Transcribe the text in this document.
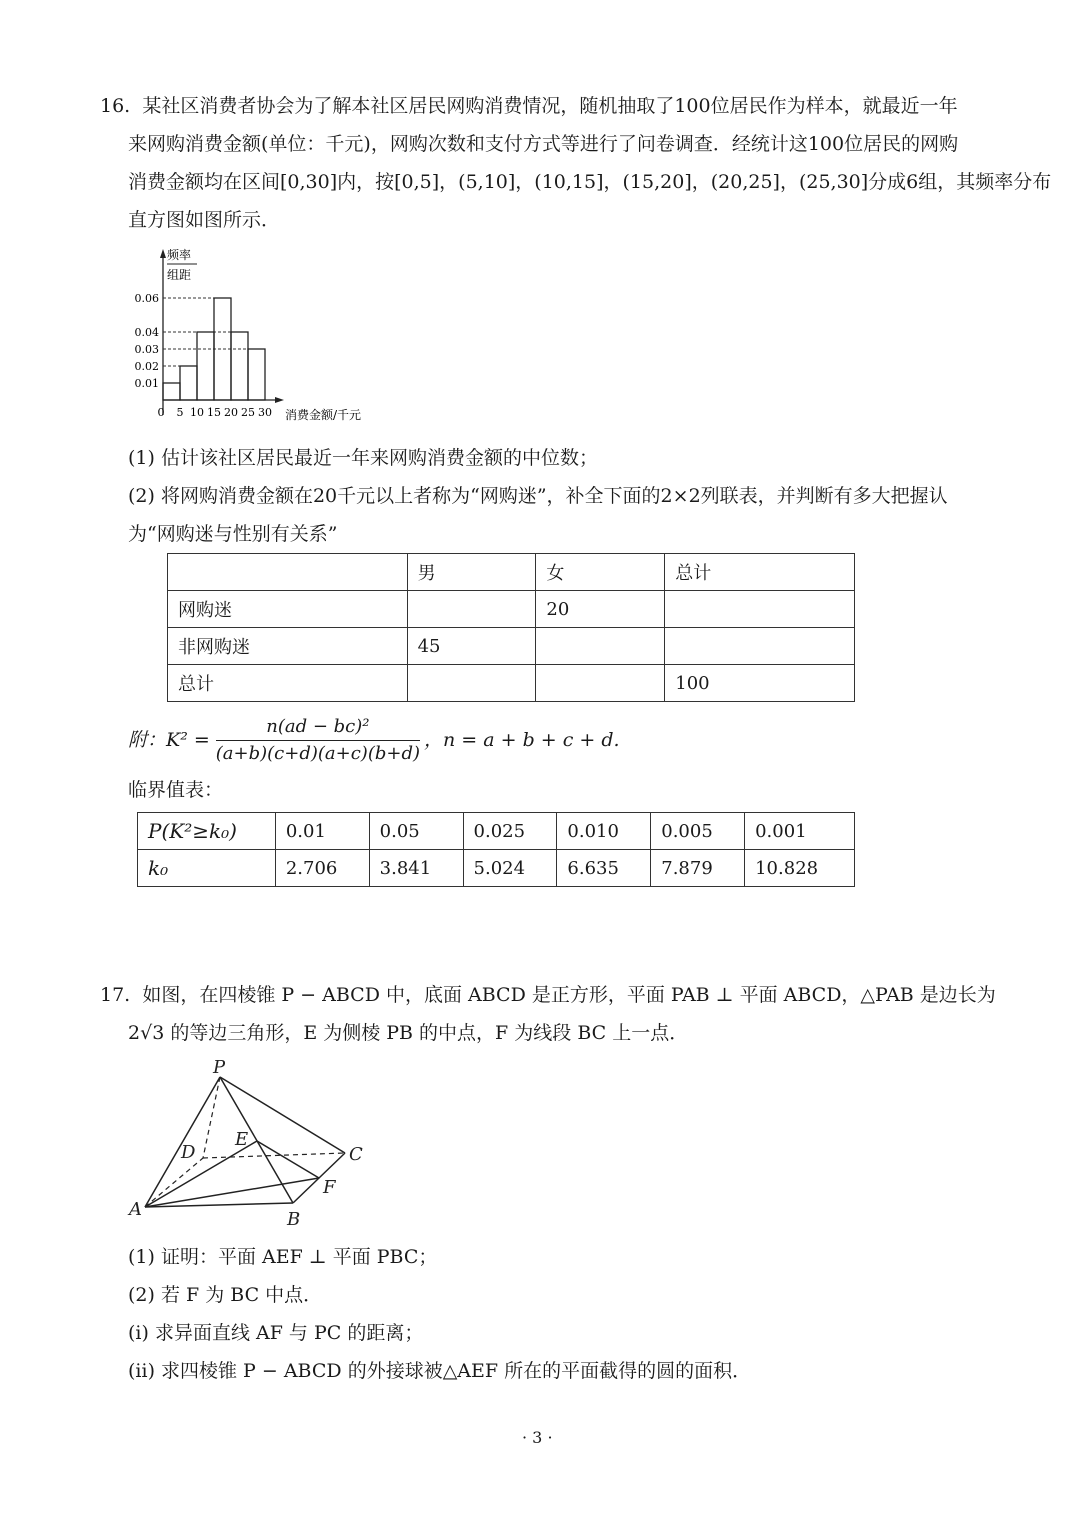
16. 某社区消费者协会为了解本社区居民网购消费情况，随机抽取了100位居民作为样本，就最近一年
来网购消费金额(单位：千元)，网购次数和支付方式等进行了问卷调查．经统计这100位居民的网购
消费金额均在区间[0,30]内，按[0,5]，(5,10]，(10,15]，(15,20]，(20,25]，(25,30]分成6组，其频率分布
直方图如图所示．
频率
组距
消费金额/千元
0.06
0.04
0.03
0.02
0.01
0 5 10 15 20 25 30
(1) 估计该社区居民最近一年来网购消费金额的中位数；
(2) 将网购消费金额在20千元以上者称为“网购迷”，补全下面的2×2列联表，并判断有多大把握认
为“网购迷与性别有关系”
	男	女	总计
网购迷		20	
非网购迷	45		
总计			100
附：$K^2 = \frac{\text{n(ad − bc)²}}{(a+b)(c+d)(a+c)(b+d)}$ ，n = a + b + c + d.
临界值表：
P(K²≥k₀)	0.01	0.05	0.025	0.010	0.005	0.001
k₀	2.706	3.841	5.024	6.635	7.879	10.828
17. 如图，在四棱锥 P − ABCD 中，底面 ABCD 是正方形，平面 PAB ⊥ 平面 ABCD，△PAB 是边长为
2√3 的等边三角形，E 为侧棱 PB 的中点，F 为线段 BC 上一点．
P
A	B
C
D
E
F
(1) 证明：平面 AEF ⊥ 平面 PBC；
(2) 若 F 为 BC 中点．
(ⅰ) 求异面直线 AF 与 PC 的距离；
(ⅱ) 求四棱锥 P − ABCD 的外接球被△AEF 所在的平面截得的圆的面积．
· 3 ·
